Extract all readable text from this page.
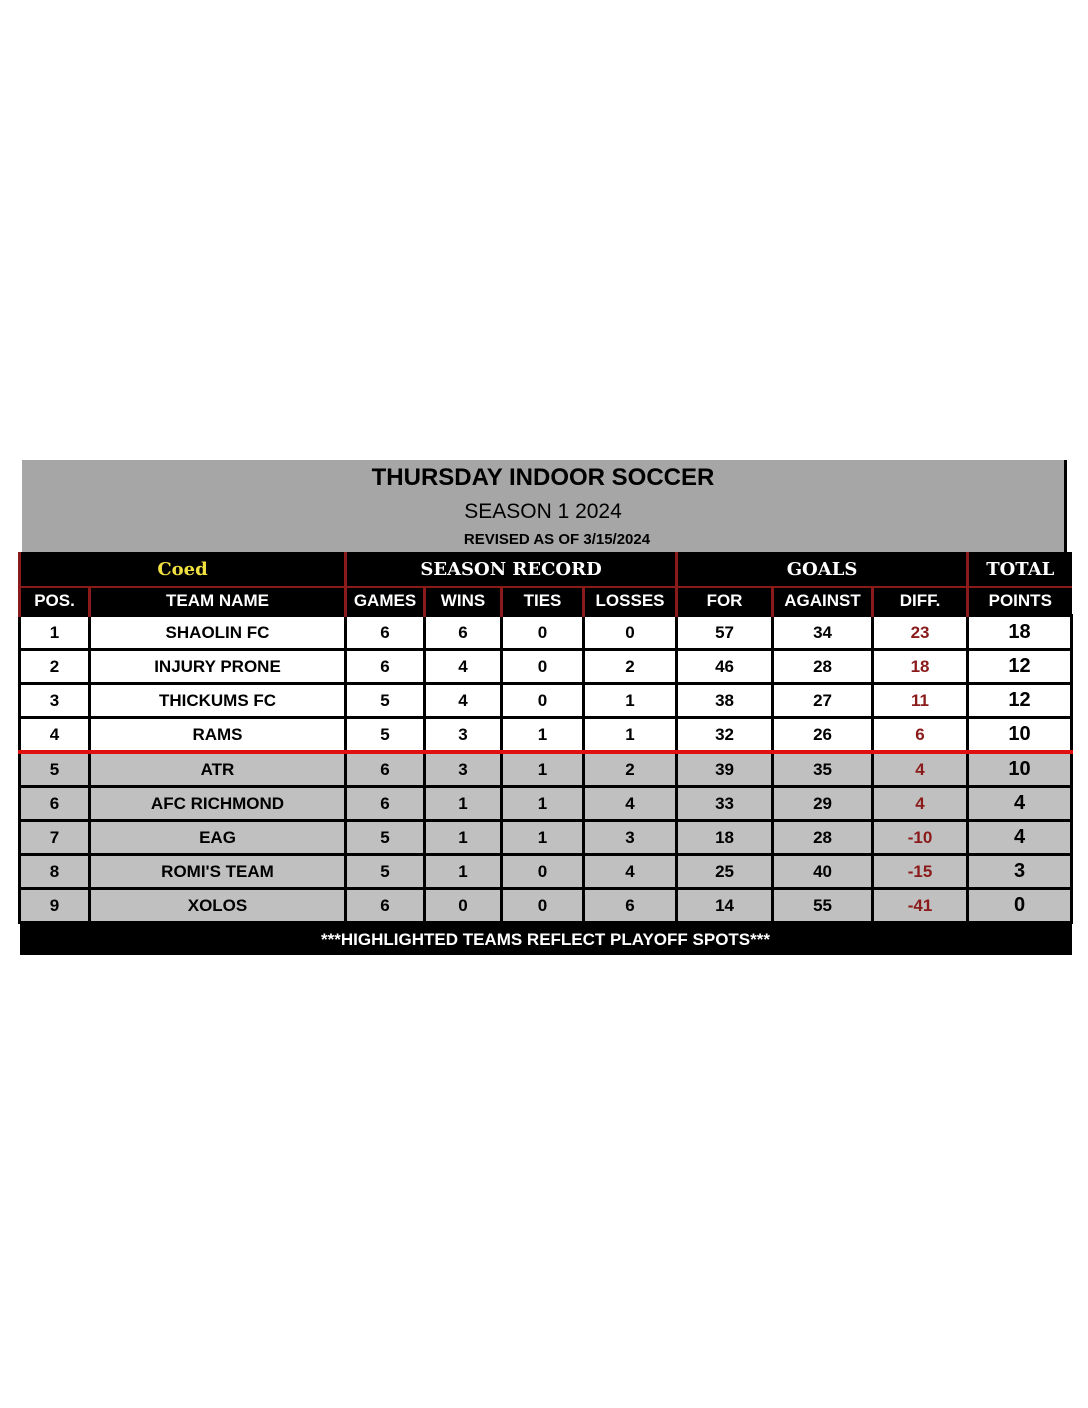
THURSDAY INDOOR SOCCER
SEASON 1 2024
REVISED AS OF 3/15/2024
Coed		SEASON RECORD				GOALS			TOTAL
POS.	TEAM NAME	GAMES	WINS	TIES	LOSSES	FOR	AGAINST	DIFF.	POINTS
1	SHAOLIN FC	6	6	0	0	57	34	23	18
2	INJURY PRONE	6	4	0	2	46	28	18	12
3	THICKUMS FC	5	4	0	1	38	27	11	12
4	RAMS	5	3	1	1	32	26	6	10
5	ATR	6	3	1	2	39	35	4	10
6	AFC RICHMOND	6	1	1	4	33	29	4	4
7	EAG	5	1	1	3	18	28	-10	4
8	ROMI'S TEAM	5	1	0	4	25	40	-15	3
9	XOLOS	6	0	0	6	14	55	-41	0
***HIGHLIGHTED TEAMS REFLECT PLAYOFF SPOTS***									
